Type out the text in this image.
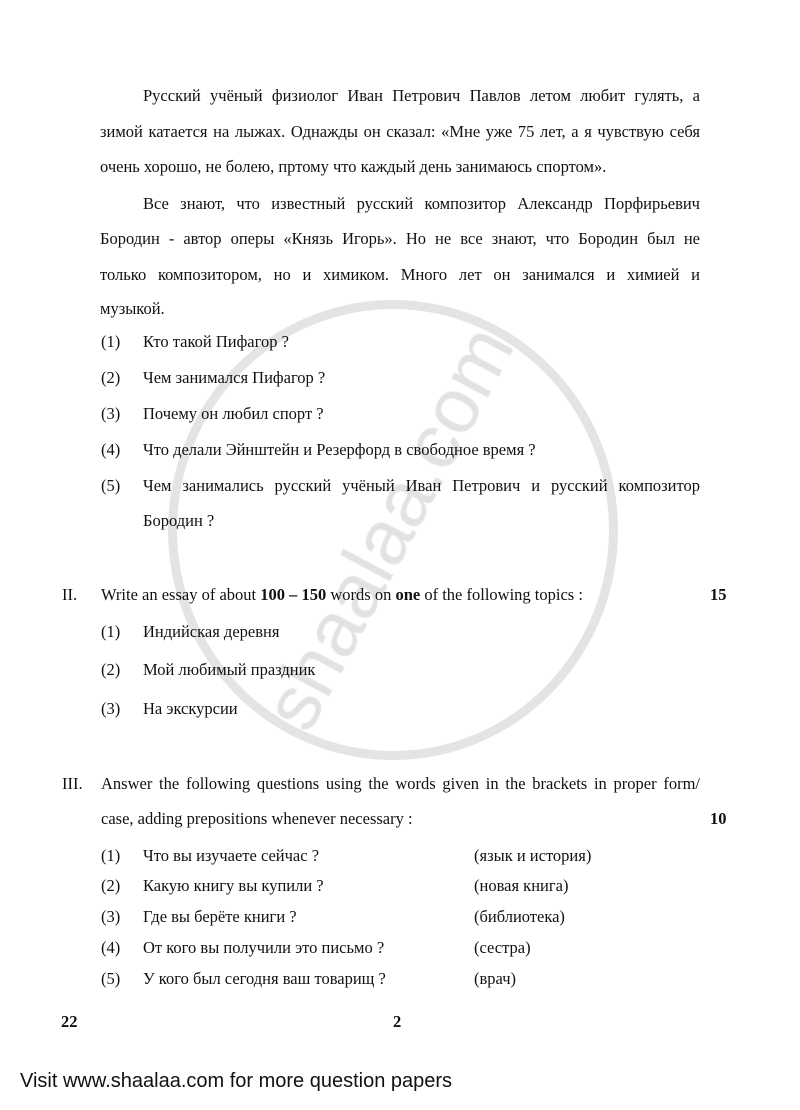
Русский учёный физиолог Иван Петрович Павлов летом любит гулять, а
зимой катается на лыжах. Однажды он сказал: «Мне уже 75 лет, а я чувствую себя
очень хорошо, не болею, пртому что каждый день занимаюсь спортом».
Все знают, что известный русский композитор Александр Порфирьевич
Бородин - автор оперы «Князь Игорь». Но не все знают, что Бородин был не
только композитором, но и химиком. Много лет он занимался и химией и
музыкой.
(1) Кто такой Пифагор ?
(2) Чем занимался Пифагор ?
(3) Почему он любил спорт ?
(4) Что делали Эйнштейн и Резерфорд в свободное время ?
(5) Чем занимались русский учёный Иван Петрович и русский композитор
Бородин ?
II. Write an essay of about 100 – 150 words on one of the following topics :	15
(1) Индийская деревня
(2) Мой любимый праздник
(3) На экскурсии
III. Answer the following questions using the words given in the brackets in proper form/
case, adding prepositions whenever necessary :	10
(1) Что вы изучаете сейчас ?	(язык и история)
(2) Какую книгу вы купили ?	(новая книга)
(3) Где вы берёте книги ?	(библиотека)
(4) От кого вы получили это письмо ?	(сестра)
(5) У кого был сегодня ваш товарищ ?	(врач)
22	2
Visit www.shaalaa.com for more question papers
